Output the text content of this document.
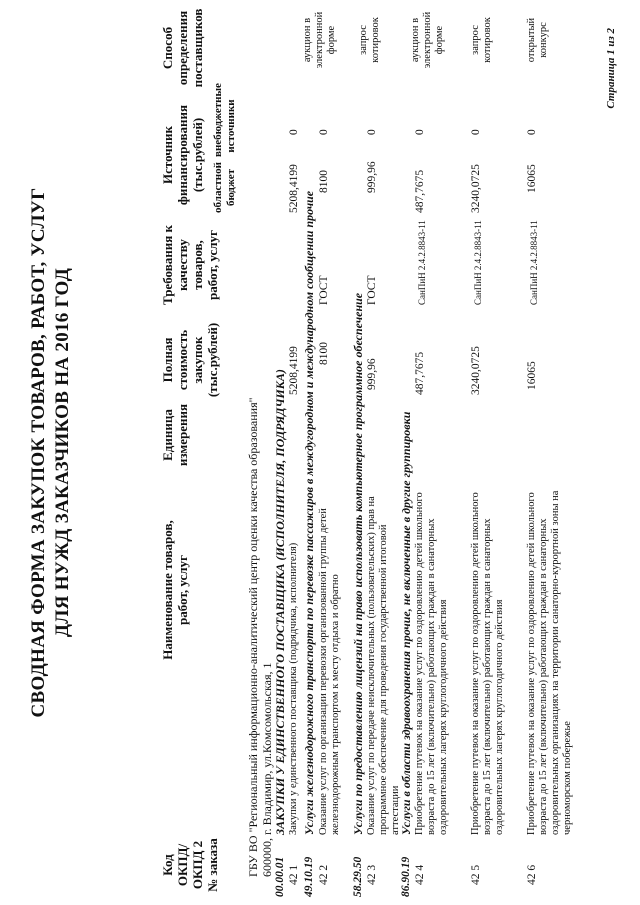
СВОДНАЯ ФОРМА ЗАКУПОК ТОВАРОВ, РАБОТ, УСЛУГ ДЛЯ НУЖД ЗАКАЗЧИКОВ НА 2016 ГОД
Код ОКПД/ ОКПД 2 № заказа
Наименование товаров, работ, услуг
Единица измерения
Полная стоимость закупок (тыс.рублей)
Требования к качеству товаров, работ, услуг
Источник финансирования (тыс.рублей) областной бюджет
внебюджетные источники
Способ определения поставщиков
ГБУ ВО "Региональный информационно-аналитический центр оценки качества образования" 600000, г. Владимир, ул.Комсомольская, 1 00.00.01
ЗАКУПКИ У ЕДИНСТВЕННОГО ПОСТАВЩИКА (ИСПОЛНИТЕЛЯ, ПОДРЯДЧИКА)
42 1
Закупки у единственного поставщика (подрядчика, исполнителя)
5208,4199
5208,4199
0
49.10.19
Услуги железнодорожного транспорта по перевозке пассажиров в междугородном и международном сообщении прочие
42 2
Оказание услуг по организации перевозки организованной группы детей железнодорожным транспортом к месту отдыха и обратно
8100
ГОСТ
8100
0
аукцион в электронной форме
58.29.50
Услуги по предоставлению лицензий на право использовать компьютерное программное обеспечение
42 3
Оказание услуг по передаче неисключительных (пользовательских) прав на программное обеспечение для проведения государственной итоговой аттестации
999,96
ГОСТ
999,96
0
запрос котировок
86.90.19
Услуги в области здравоохранения прочие, не включенные в другие группировки
42 4
Приобретение путевок на оказание услуг по оздоровлению детей школьного возраста до 15 лет (включительно) работающих граждан в санаторных оздоровительных лагерях круглогодичного действия
487,7675
СанПиН 2.4.2.8843-11
487,7675
0
аукцион в электронной форме
42 5
Приобретение путевок на оказание услуг по оздоровлению детей школьного возраста до 15 лет (включительно) работающих граждан в санаторных оздоровительных лагерях круглогодичного действия
3240,0725
СанПиН 2.4.2.8843-11
3240,0725
0
запрос котировок
42 6
Приобретение путевок на оказание услуг по оздоровлению детей школьного возраста до 15 лет (включительно) работающих граждан в санаторных оздоровительных организациях на территории санаторно-курортной зоны на черноморском побережье
16065
СанПиН 2.4.2.8843-11
16065
0
открытый конкурс	Страница 1 из 2
